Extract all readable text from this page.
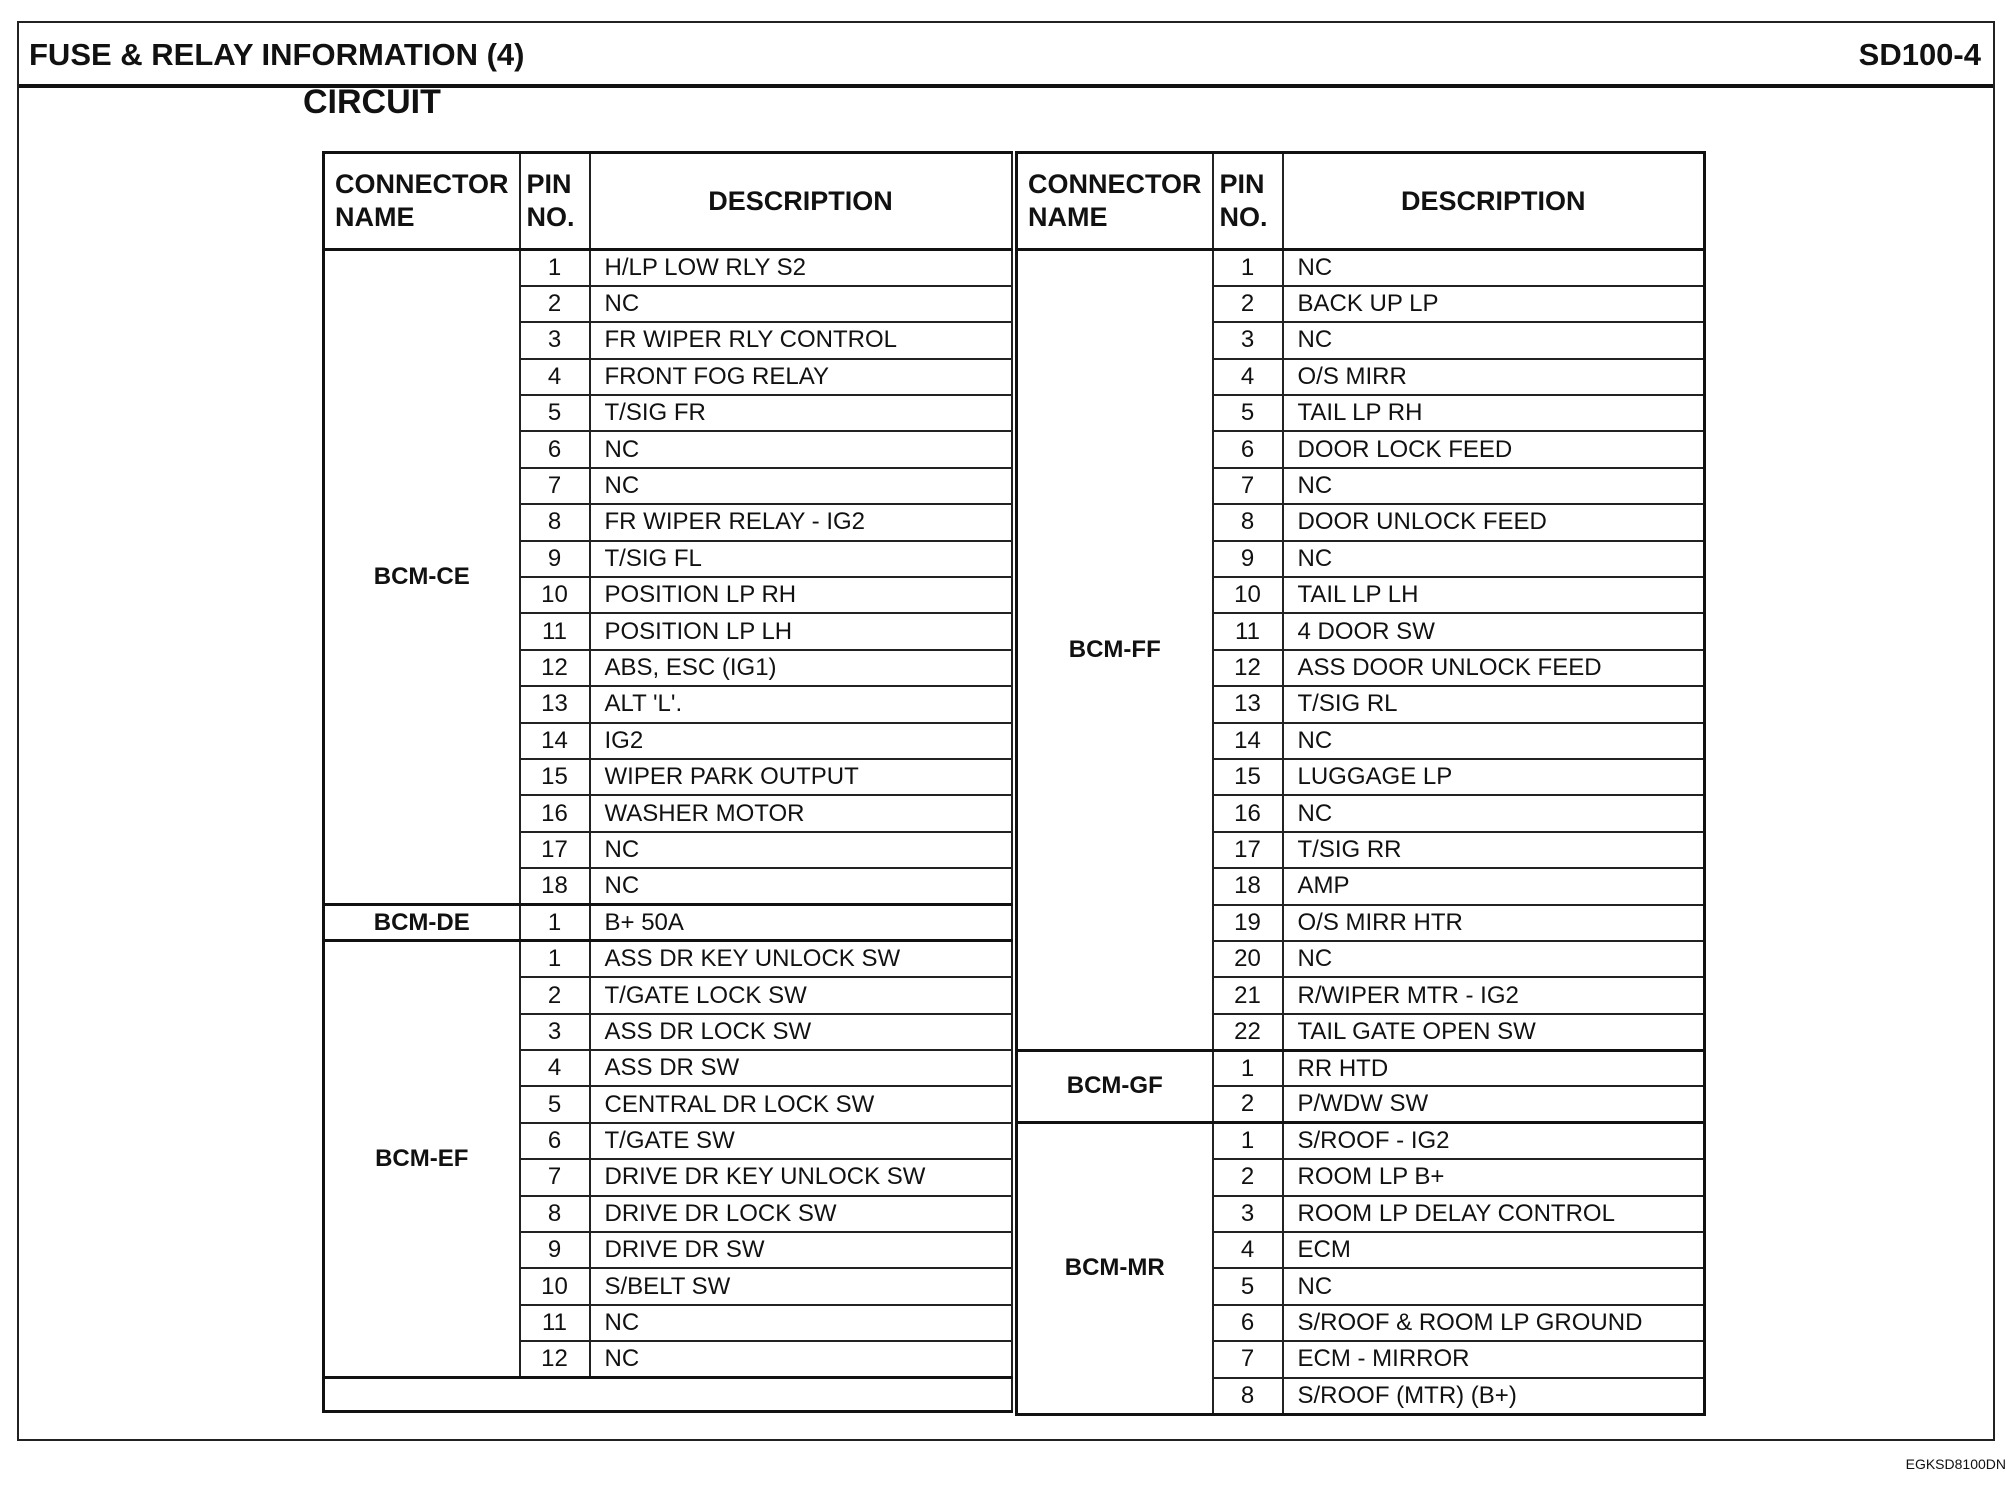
FUSE & RELAY INFORMATION (4)	SD100-4
CIRCUIT
CONNECTOR NAME	PIN NO.	DESCRIPTION
BCM-CE	1	H/LP LOW RLY S2
	2	NC
	3	FR WIPER RLY CONTROL
	4	FRONT FOG RELAY
	5	T/SIG FR
	6	NC
	7	NC
	8	FR WIPER RELAY - IG2
	9	T/SIG FL
	10	POSITION LP RH
	11	POSITION LP LH
	12	ABS, ESC (IG1)
	13	ALT 'L'.
	14	IG2
	15	WIPER PARK OUTPUT
	16	WASHER MOTOR
	17	NC
	18	NC
BCM-DE	1	B+ 50A
BCM-EF	1	ASS DR KEY UNLOCK SW
	2	T/GATE LOCK SW
	3	ASS DR LOCK SW
	4	ASS DR SW
	5	CENTRAL DR LOCK SW
	6	T/GATE SW
	7	DRIVE DR KEY UNLOCK SW
	8	DRIVE DR LOCK SW
	9	DRIVE DR SW
	10	S/BELT SW
	11	NC
	12	NC

CONNECTOR NAME	PIN NO.	DESCRIPTION
BCM-FF	1	NC
	2	BACK UP LP
	3	NC
	4	O/S MIRR
	5	TAIL LP RH
	6	DOOR LOCK FEED
	7	NC
	8	DOOR UNLOCK FEED
	9	NC
	10	TAIL LP LH
	11	4 DOOR SW
	12	ASS DOOR UNLOCK FEED
	13	T/SIG RL
	14	NC
	15	LUGGAGE LP
	16	NC
	17	T/SIG RR
	18	AMP
	19	O/S MIRR HTR
	20	NC
	21	R/WIPER MTR - IG2
	22	TAIL GATE OPEN SW
BCM-GF	1	RR HTD
	2	P/WDW SW
BCM-MR	1	S/ROOF - IG2
	2	ROOM LP B+
	3	ROOM LP DELAY CONTROL
	4	ECM
	5	NC
	6	S/ROOF & ROOM LP GROUND
	7	ECM - MIRROR
	8	S/ROOF (MTR) (B+)
EGKSD8100DN
